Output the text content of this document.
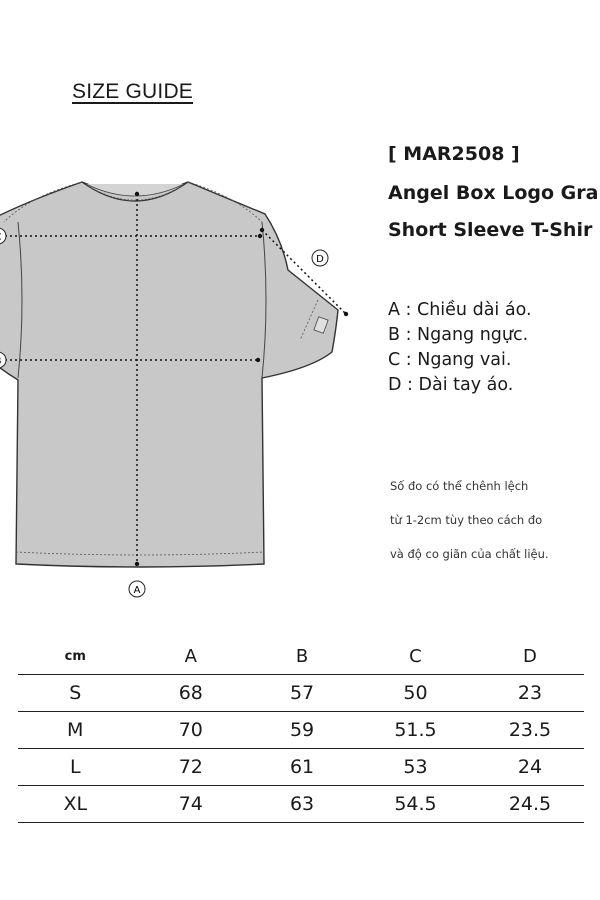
SIZE GUIDE
A
D
[ MAR2508 ]
Angel Box Logo Gra
Short Sleeve T-Shir
A : Chiều dài áo.
B : Ngang ngực.
C : Ngang vai.
D : Dài tay áo.
Số đo có thể chênh lệch
từ 1-2cm tùy theo cách đo
và độ co giãn của chất liệu.
cm	A	B	C	D
S	68	57	50	23
M	70	59	51.5	23.5
L	72	61	53	24
XL	74	63	54.5	24.5
